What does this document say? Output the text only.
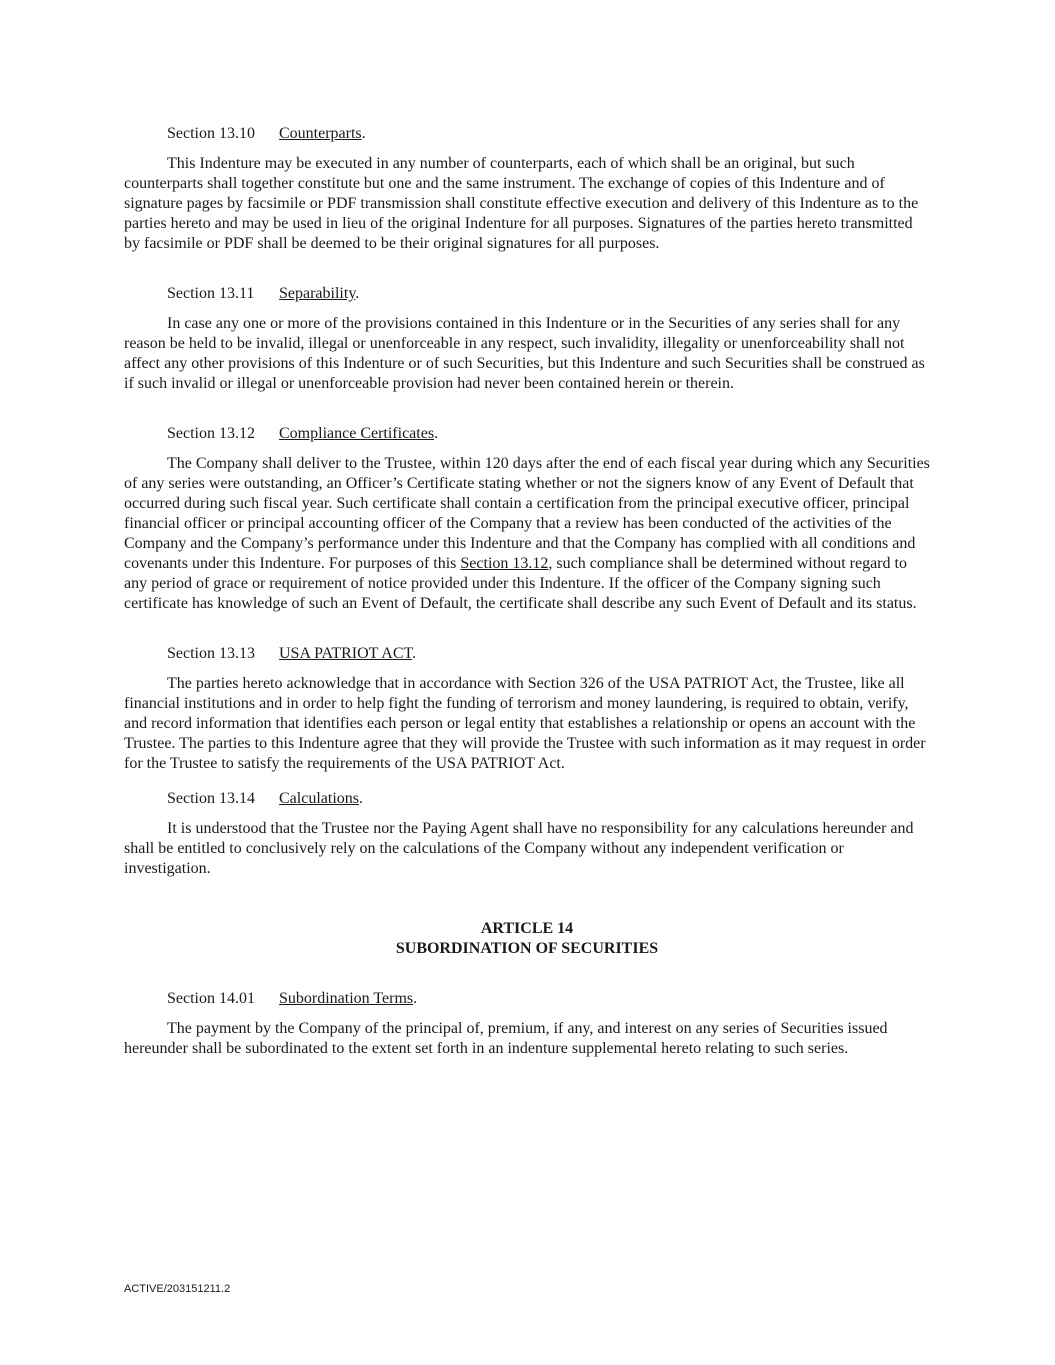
Section 13.10 Counterparts.

This Indenture may be executed in any number of counterparts, each of which shall be an original, but such counterparts shall together constitute but one and the same instrument. The exchange of copies of this Indenture and of signature pages by facsimile or PDF transmission shall constitute effective execution and delivery of this Indenture as to the parties hereto and may be used in lieu of the original Indenture for all purposes. Signatures of the parties hereto transmitted by facsimile or PDF shall be deemed to be their original signatures for all purposes.

Section 13.11 Separability.

In case any one or more of the provisions contained in this Indenture or in the Securities of any series shall for any reason be held to be invalid, illegal or unenforceable in any respect, such invalidity, illegality or unenforceability shall not affect any other provisions of this Indenture or of such Securities, but this Indenture and such Securities shall be construed as if such invalid or illegal or unenforceable provision had never been contained herein or therein.

Section 13.12 Compliance Certificates.

The Company shall deliver to the Trustee, within 120 days after the end of each fiscal year during which any Securities of any series were outstanding, an Officer’s Certificate stating whether or not the signers know of any Event of Default that occurred during such fiscal year. Such certificate shall contain a certification from the principal executive officer, principal financial officer or principal accounting officer of the Company that a review has been conducted of the activities of the Company and the Company’s performance under this Indenture and that the Company has complied with all conditions and covenants under this Indenture. For purposes of this Section 13.12, such compliance shall be determined without regard to any period of grace or requirement of notice provided under this Indenture. If the officer of the Company signing such certificate has knowledge of such an Event of Default, the certificate shall describe any such Event of Default and its status.

Section 13.13 USA PATRIOT ACT.

The parties hereto acknowledge that in accordance with Section 326 of the USA PATRIOT Act, the Trustee, like all financial institutions and in order to help fight the funding of terrorism and money laundering, is required to obtain, verify, and record information that identifies each person or legal entity that establishes a relationship or opens an account with the Trustee. The parties to this Indenture agree that they will provide the Trustee with such information as it may request in order for the Trustee to satisfy the requirements of the USA PATRIOT Act.

Section 13.14 Calculations.

It is understood that the Trustee nor the Paying Agent shall have no responsibility for any calculations hereunder and shall be entitled to conclusively rely on the calculations of the Company without any independent verification or investigation.

ARTICLE 14

SUBORDINATION OF SECURITIES

Section 14.01 Subordination Terms.

The payment by the Company of the principal of, premium, if any, and interest on any series of Securities issued hereunder shall be subordinated to the extent set forth in an indenture supplemental hereto relating to such series.

ACTIVE/203151211.2
